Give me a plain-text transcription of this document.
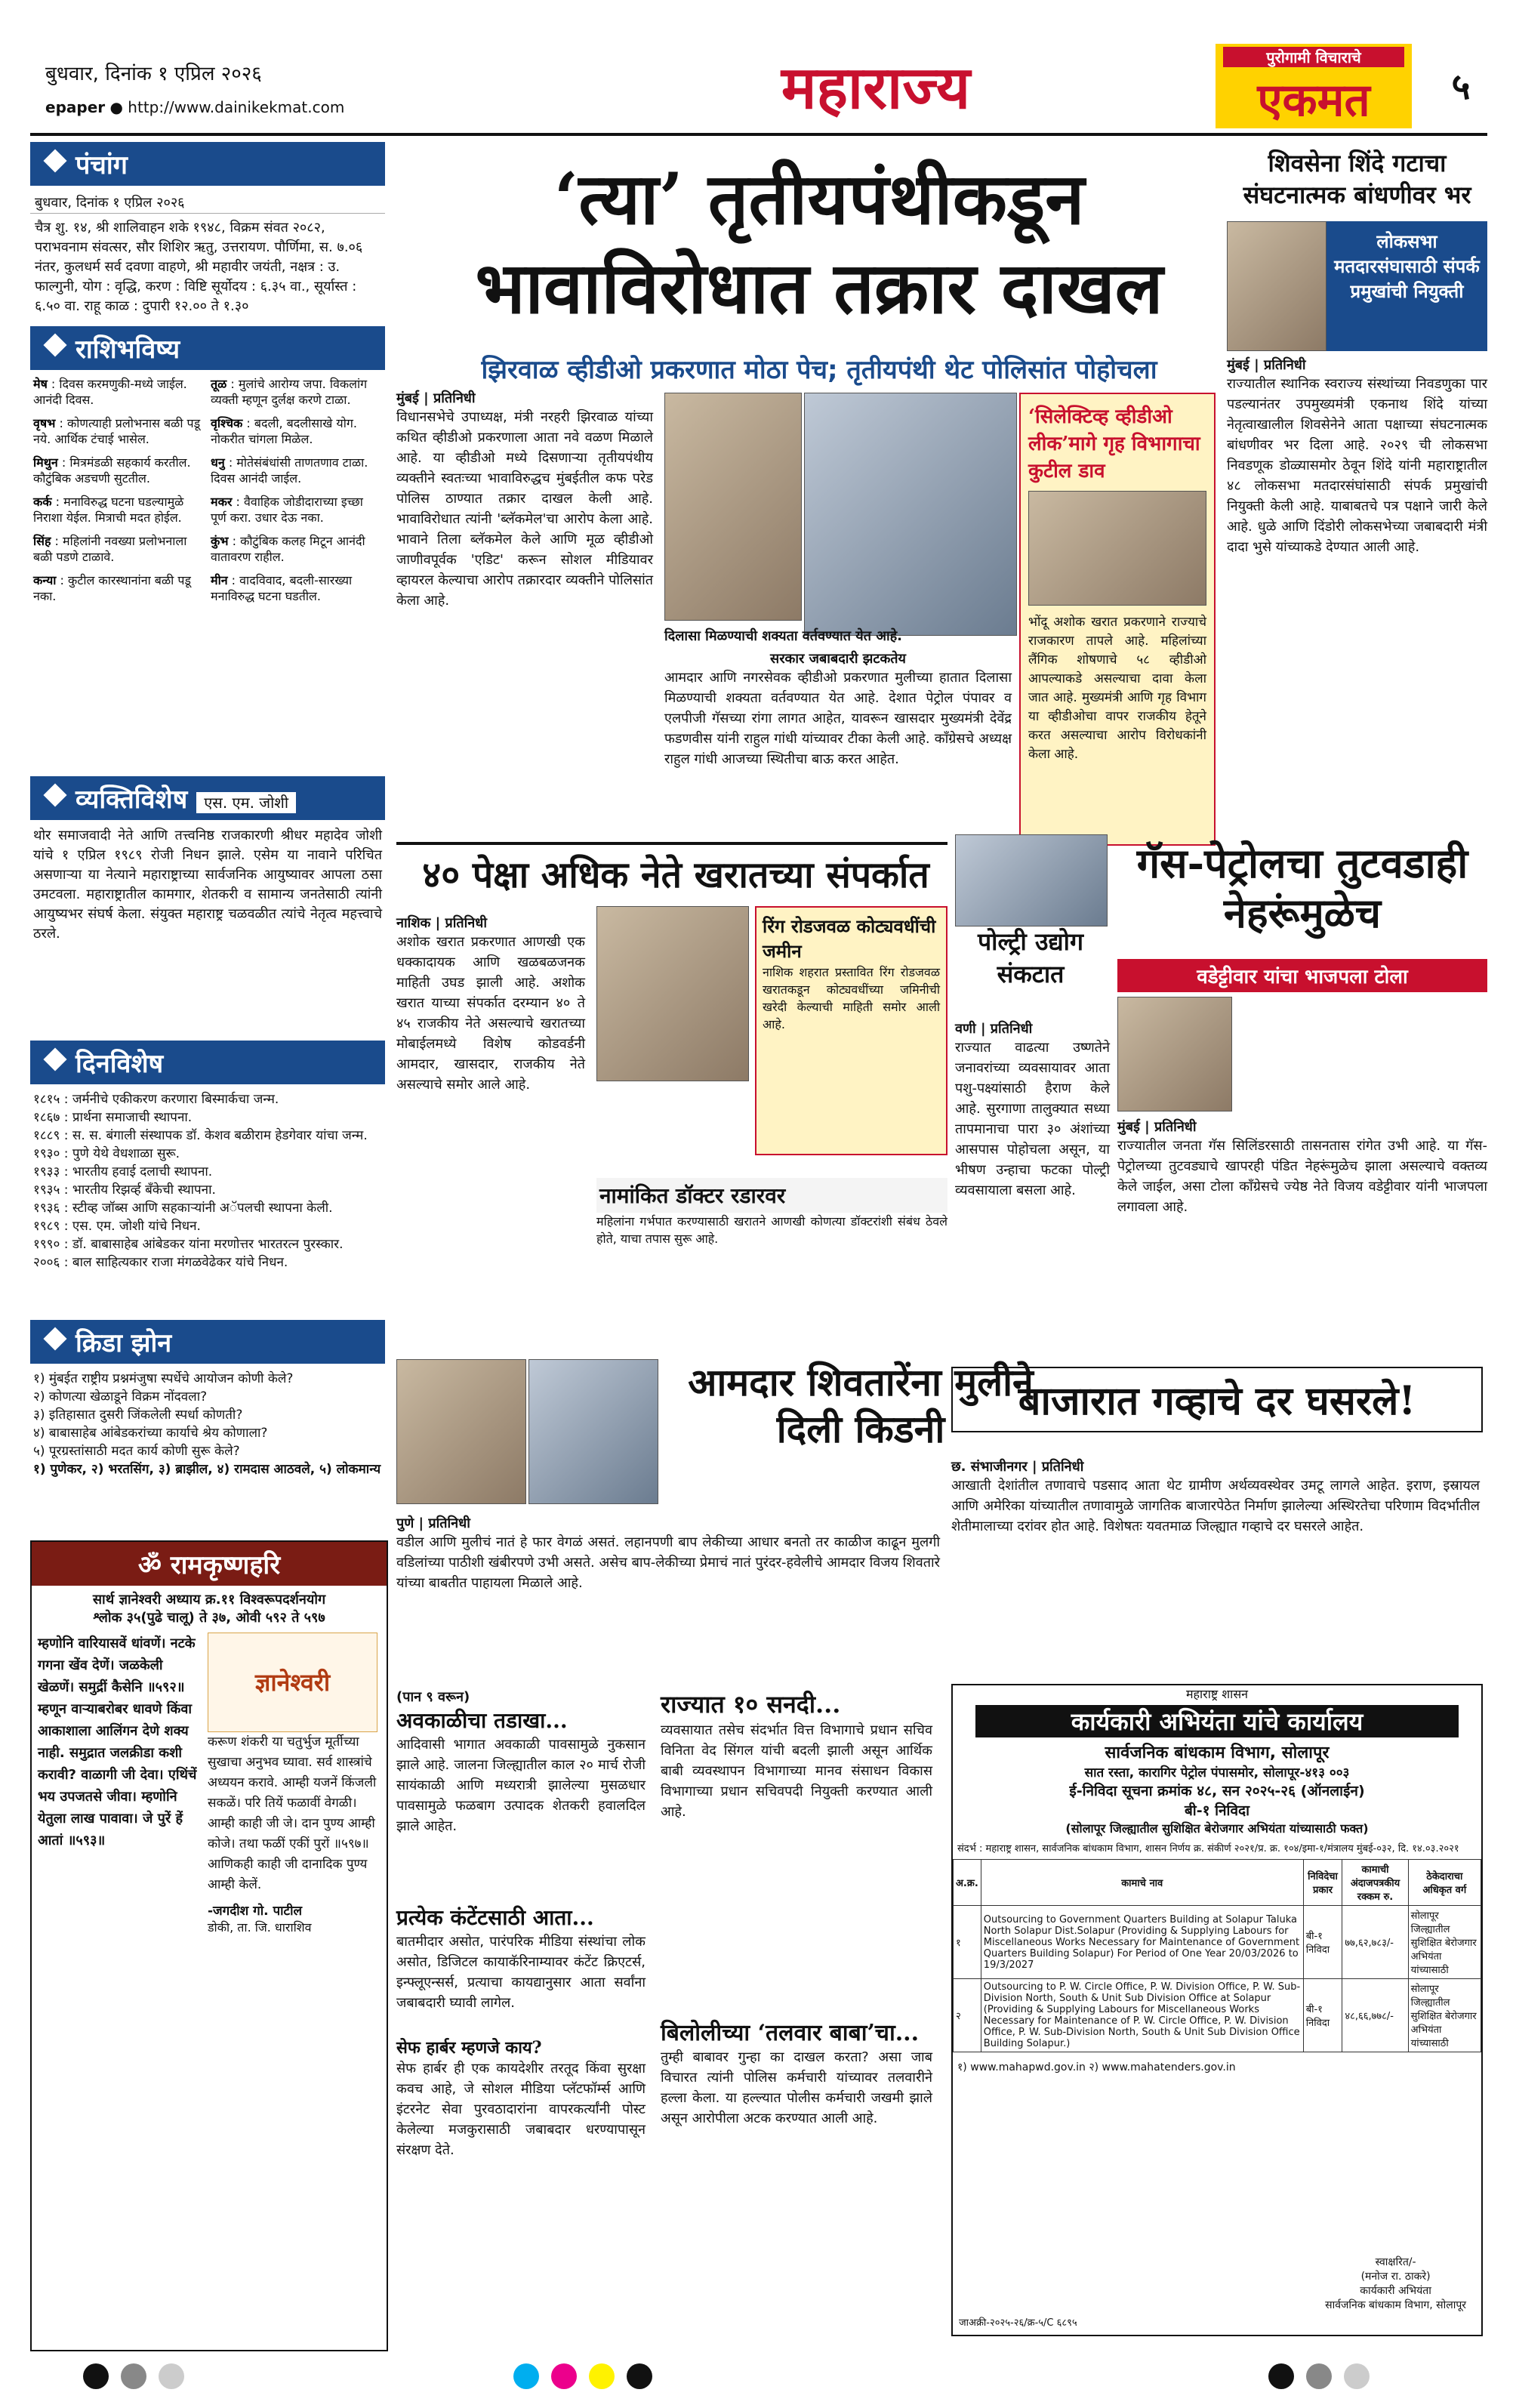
बुधवार, दिनांक १ एप्रिल २०२६
epaper ● http://www.dainikekmat.com	महाराज्य	पुरोगामी विचाराचे
एकमत	५
पंचांग
बुधवार, दिनांक १ एप्रिल २०२६
चैत्र शु. १४, श्री शालिवाहन शके १९४८, विक्रम संवत २०८२, पराभवनाम संवत्सर, सौर शिशिर ऋतु, उत्तरायण. पौर्णिमा, स. ७.०६ नंतर, कुलधर्म सर्व दवणा वाहणे, श्री महावीर जयंती, नक्षत्र : उ. फाल्गुनी, योग : वृद्धि, करण : विष्टि सूर्योदय : ६.३५ वा., सूर्यास्त : ६.५० वा. राहू काळ : दुपारी १२.०० ते १.३०
राशिभविष्य
मेष : दिवस करमणुकी-मध्ये जाईल. आनंदी दिवस.
तूळ : मुलांचे आरोग्य जपा. विकलांग व्यक्ती म्हणून दुर्लक्ष करणे टाळा.
वृषभ : कोणत्याही प्रलोभनास बळी पडू नये. आर्थिक टंचाई भासेल.
वृश्चिक : बदली, बदलीसाखे योग. नोकरीत चांगला मिळेल.
मिथुन : मित्रमंडळी सहकार्य करतील. कौटुंबिक अडचणी सुटतील.
धनु : मोतेसंबंधांसी ताणतणाव टाळा. दिवस आनंदी जाईल.
कर्क : मनाविरुद्ध घटना घडल्यामुळे निराशा येईल. मित्राची मदत होईल.
मकर : वैवाहिक जोडीदाराच्या इच्छा पूर्ण करा. उधार देऊ नका.
सिंह : महिलांनी नवख्या प्रलोभनाला बळी पडणे टाळावे.
कुंभ : कौटुंबिक कलह मिटून आनंदी वातावरण राहील.
कन्या : कुटील कारस्थानांना बळी पडू नका.
मीन : वादविवाद, बदली-सारख्या मनाविरुद्ध घटना घडतील.
व्यक्तिविशेष एस. एम. जोशी
थोर समाजवादी नेते आणि तत्त्वनिष्ठ राजकारणी श्रीधर महादेव जोशी यांचे १ एप्रिल १९८९ रोजी निधन झाले. एसेम या नावाने परिचित असणाऱ्या या नेत्याने महाराष्ट्राच्या सार्वजनिक आयुष्यावर आपला ठसा उमटवला. महाराष्ट्रातील कामगार, शेतकरी व सामान्य जनतेसाठी त्यांनी आयुष्यभर संघर्ष केला. संयुक्त महाराष्ट्र चळवळीत त्यांचे नेतृत्व महत्त्वाचे ठरले.
दिनविशेष
१८१५ : जर्मनीचे एकीकरण करणारा बिस्मार्कचा जन्म.
१८६७ : प्रार्थना समाजाची स्थापना.
१८८९ : स. स. बंगाली संस्थापक डॉ. केशव बळीराम हेडगेवार यांचा जन्म.
१९३० : पुणे येथे वेधशाळा सुरू.
१९३३ : भारतीय हवाई दलाची स्थापना.
१९३५ : भारतीय रिझर्व्ह बँकेची स्थापना.
१९३६ : स्टीव्ह जॉब्स आणि सहकाऱ्यांनी अॅपलची स्थापना केली.
१९८९ : एस. एम. जोशी यांचे निधन.
१९९० : डॉ. बाबासाहेब आंबेडकर यांना मरणोत्तर भारतरत्न पुरस्कार.
२००६ : बाल साहित्यकार राजा मंगळवेढेकर यांचे निधन.
क्रिडा झोन
१) मुंबईत राष्ट्रीय प्रश्नमंजुषा स्पर्धेचे आयोजन कोणी केले?
२) कोणत्या खेळाडूने विक्रम नोंदवला?
३) इतिहासात दुसरी जिंकलेली स्पर्धा कोणती?
४) बाबासाहेब आंबेडकरांच्या कार्याचे श्रेय कोणाला?
५) पूरग्रस्तांसाठी मदत कार्य कोणी सुरू केले?
१) पुणेकर, २) भरतसिंग, ३) ब्राझील, ४) रामदास आठवले, ५) लोकमान्य
ॐ रामकृष्णहरि
सार्थ ज्ञानेश्वरी अध्याय क्र.११ विश्वरूपदर्शनयोग
श्लोक ३५(पुढे चालू) ते ३७, ओवी ५९२ ते ५९७
म्हणोनि वारियासवें धांवणें। नटके गगना खेंव देणें। जळकेली खेळणें। समुद्रीं कैसेनि ॥५९२॥ म्हणून वाऱ्याबरोबर धावणे किंवा आकाशाला आलिंगन देणे शक्य नाही. समुद्रात जलक्रीडा कशी करावी? वाळागी जी देवा। एथिंचें भय उपजतसे जीवा। म्हणोनि येतुला लाख पावावा। जे पुरें हें आतां ॥५९३॥
ज्ञानेश्वरी
करूण शंकरी या चतुर्भुज मूर्तीच्या सुखाचा अनुभव घ्यावा. सर्व शास्त्रांचे अध्ययन करावे. आम्ही यजनें किंजली सकळें। परि तियें फळावीं वेगळी। आम्ही काही जी जे। दान पुण्य आम्ही कोजे। तथा फळीं एकीं पुरों ॥५९७॥ आणिकही काही जी दानादिक पुण्य आम्ही केलें.
-जगदीश गो. पाटील
डोकी, ता. जि. धाराशिव
‘त्या’ तृतीयपंथीकडून भावाविरोधात तक्रार दाखल
झिरवाळ व्हीडीओ प्रकरणात मोठा पेच; तृतीयपंथी थेट पोलिसांत पोहोचला
मुंबई | प्रतिनिधी
विधानसभेचे उपाध्यक्ष, मंत्री नरहरी झिरवाळ यांच्या कथित व्हीडीओ प्रकरणाला आता नवे वळण मिळाले आहे. या व्हीडीओ मध्ये दिसणाऱ्या तृतीयपंथीय व्यक्तीने स्वतःच्या भावाविरुद्धच मुंबईतील कफ परेड पोलिस ठाण्यात तक्रार दाखल केली आहे. भावाविरोधात त्यांनी 'ब्लॅकमेल'चा आरोप केला आहे. भावाने तिला ब्लॅकमेल केले आणि मूळ व्हीडीओ जाणीवपूर्वक 'एडिट' करून सोशल मीडियावर व्हायरल केल्याचा आरोप तक्रारदार व्यक्तीने पोलिसांत केला आहे.
दिलासा मिळण्याची शक्यता वर्तवण्यात येत आहे.
सरकार जबाबदारी झटकतेय
आमदार आणि नगरसेवक व्हीडीओ प्रकरणात मुलीच्या हातात दिलासा मिळण्याची शक्यता वर्तवण्यात येत आहे. देशात पेट्रोल पंपावर व एलपीजी गॅसच्या रांगा लागत आहेत, यावरून खासदार मुख्यमंत्री देवेंद्र फडणवीस यांनी राहुल गांधी यांच्यावर टीका केली आहे. काँग्रेसचे अध्यक्ष राहुल गांधी आजच्या स्थितीचा बाऊ करत आहेत.
‘सिलेक्टिव्ह व्हीडीओ लीक’मागे गृह विभागाचा कुटील डाव
भोंदू अशोक खरात प्रकरणाने राज्याचे राजकारण तापले आहे. महिलांच्या लैंगिक शोषणाचे ५८ व्हीडीओ आपल्याकडे असल्याचा दावा केला जात आहे. मुख्यमंत्री आणि गृह विभाग या व्हीडीओचा वापर राजकीय हेतूने करत असल्याचा आरोप विरोधकांनी केला आहे.
शिवसेना शिंदे गटाचा संघटनात्मक बांधणीवर भर
लोकसभा मतदारसंघासाठी संपर्क प्रमुखांची नियुक्ती
मुंबई | प्रतिनिधी
राज्यातील स्थानिक स्वराज्य संस्थांच्या निवडणुका पार पडल्यानंतर उपमुख्यमंत्री एकनाथ शिंदे यांच्या नेतृत्वाखालील शिवसेनेने आता पक्षाच्या संघटनात्मक बांधणीवर भर दिला आहे. २०२९ ची लोकसभा निवडणूक डोळ्यासमोर ठेवून शिंदे यांनी महाराष्ट्रातील ४८ लोकसभा मतदारसंघांसाठी संपर्क प्रमुखांची नियुक्ती केली आहे. याबाबतचे पत्र पक्षाने जारी केले आहे. धुळे आणि दिंडोरी लोकसभेच्या जबाबदारी मंत्री दादा भुसे यांच्याकडे देण्यात आली आहे.
४० पेक्षा अधिक नेते खरातच्या संपर्कात
नाशिक | प्रतिनिधी
अशोक खरात प्रकरणात आणखी एक धक्कादायक आणि खळबळजनक माहिती उघड झाली आहे. अशोक खरात याच्या संपर्कात दरम्यान ४० ते ४५ राजकीय नेते असल्याचे खरातच्या मोबाईलमध्ये विशेष कोडवर्डनी आमदार, खासदार, राजकीय नेते असल्याचे समोर आले आहे.
रिंग रोडजवळ कोट्यवधींची जमीन
नाशिक शहरात प्रस्तावित रिंग रोडजवळ खरातकडून कोट्यवधींच्या जमिनीची खरेदी केल्याची माहिती समोर आली आहे.
नामांकित डॉक्टर रडारवर
महिलांना गर्भपात करण्यासाठी खरातने आणखी कोणत्या डॉक्टरांशी संबंध ठेवले होते, याचा तपास सुरू आहे.
पोल्ट्री उद्योग संकटात
वणी | प्रतिनिधी
राज्यात वाढत्या उष्णतेने जनावरांच्या व्यवसायावर आता पशु-पक्ष्यांसाठी हैराण केले आहे. सुरगाणा तालुक्यात सध्या तापमानाचा पारा ३० अंशांच्या आसपास पोहोचला असून, या भीषण उन्हाचा फटका पोल्ट्री व्यवसायाला बसला आहे.
गॅस-पेट्रोलचा तुटवडाही नेहरूंमुळेच
वडेट्टीवार यांचा भाजपला टोला
मुंबई | प्रतिनिधी
राज्यातील जनता गॅस सिलिंडरसाठी तासनतास रांगेत उभी आहे. या गॅस-पेट्रोलच्या तुटवड्याचे खापरही पंडित नेहरूंमुळेच झाला असल्याचे वक्तव्य केले जाईल, असा टोला काँग्रेसचे ज्येष्ठ नेते विजय वडेट्टीवार यांनी भाजपला लगावला आहे.
आमदार शिवतारेंना मुलीने दिली किडनी
पुणे | प्रतिनिधी
वडील आणि मुलीचं नातं हे फार वेगळं असतं. लहानपणी बाप लेकीच्या आधार बनतो तर काळीज काढून मुलगी वडिलांच्या पाठीशी खंबीरपणे उभी असते. असेच बाप-लेकीच्या प्रेमाचं नातं पुरंदर-हवेलीचे आमदार विजय शिवतारे यांच्या बाबतीत पाहायला मिळाले आहे.
बाजारात गव्हाचे दर घसरले!
छ. संभाजीनगर | प्रतिनिधी
आखाती देशांतील तणावाचे पडसाद आता थेट ग्रामीण अर्थव्यवस्थेवर उमटू लागले आहेत. इराण, इस्रायल आणि अमेरिका यांच्यातील तणावामुळे जागतिक बाजारपेठेत निर्माण झालेल्या अस्थिरतेचा परिणाम विदर्भातील शेतीमालाच्या दरांवर होत आहे. विशेषतः यवतमाळ जिल्ह्यात गव्हाचे दर घसरले आहेत.
(पान ९ वरून)
अवकाळीचा तडाखा...
आदिवासी भागात अवकाळी पावसामुळे नुकसान झाले आहे. जालना जिल्ह्यातील काल २० मार्च रोजी सायंकाळी आणि मध्यरात्री झालेल्या मुसळधार पावसामुळे फळबाग उत्पादक शेतकरी हवालदिल झाले आहेत.
प्रत्येक कंटेंटसाठी आता...
बातमीदार असोत, पारंपरिक मीडिया संस्थांचा लोक असोत, डिजिटल कायाकॅरिनाम्यावर कंटेंट क्रिएटर्स, इन्फ्लूएन्सर्स, प्रत्याचा कायद्यानुसार आता सर्वांना जबाबदारी घ्यावी लागेल.
सेफ हार्बर म्हणजे काय?
सेफ हार्बर ही एक कायदेशीर तरतूद किंवा सुरक्षा कवच आहे, जे सोशल मीडिया प्लॅटफॉर्म्स आणि इंटरनेट सेवा पुरवठादारांना वापरकर्त्यांनी पोस्ट केलेल्या मजकुरासाठी जबाबदार धरण्यापासून संरक्षण देते.
राज्यात १० सनदी...
व्यवसायात तसेच संदर्भात वित्त विभागाचे प्रधान सचिव विनिता वेद सिंगल यांची बदली झाली असून आर्थिक बाबी व्यवस्थापन विभागाच्या मानव संसाधन विकास विभागाच्या प्रधान सचिवपदी नियुक्ती करण्यात आली आहे.
बिलोलीच्या ‘तलवार बाबा’चा...
तुम्ही बाबावर गुन्हा का दाखल करता? असा जाब विचारत त्यांनी पोलिस कर्मचारी यांच्यावर तलवारीने हल्ला केला. या हल्ल्यात पोलीस कर्मचारी जखमी झाले असून आरोपीला अटक करण्यात आली आहे.
महाराष्ट्र शासन
कार्यकारी अभियंता यांचे कार्यालय
सार्वजनिक बांधकाम विभाग, सोलापूर
सात रस्ता, कारागिर पेट्रोल पंपासमोर, सोलापूर-४१३ ००३
ई-निविदा सूचना क्रमांक ४८, सन २०२५-२६ (ऑनलाईन)
बी-१ निविदा
(सोलापूर जिल्ह्यातील सुशिक्षित बेरोजगार अभियंता यांच्यासाठी फक्त)
संदर्भ : महाराष्ट्र शासन, सार्वजनिक बांधकाम विभाग, शासन निर्णय क्र. संकीर्ण २०२१/प्र. क्र. १०४/इमा-१/मंत्रालय मुंबई-०३२, दि. १४.०३.२०२१
अ.क्र.	कामाचे नाव	निविदेचा प्रकार	कामाची अंदाजपत्रकीय रक्कम रु.	ठेकेदाराचा अधिकृत वर्ग
१	Outsourcing to Government Quarters Building at Solapur Taluka North Solapur Dist.Solapur (Providing & Supplying Labours for Miscellaneous Works Necessary for Maintenance of Government Quarters Building Solapur) For Period of One Year 20/03/2026 to 19/3/2027	बी-१ निविदा	७७,६२,७८३/-	सोलापूर जिल्ह्यातील सुशिक्षित बेरोजगार अभियंता यांच्यासाठी
२	Outsourcing to P. W. Circle Office, P. W. Division Office, P. W. Sub-Division North, South & Unit Sub Division Office at Solapur (Providing & Supplying Labours for Miscellaneous Works Necessary for Maintenance of P. W. Circle Office, P. W. Division Office, P. W. Sub-Division North, South & Unit Sub Division Office Building Solapur.)	बी-१ निविदा	४८,६६,७७८/-	सोलापूर जिल्ह्यातील सुशिक्षित बेरोजगार अभियंता यांच्यासाठी
१) www.mahapwd.gov.in २) www.mahatenders.gov.in
स्वाक्षरित/-
(मनोज रा. ठाकरे)
कार्यकारी अभियंता
सार्वजनिक बांधकाम विभाग, सोलापूर
जाअक्री-२०२५-२६/क्र-५/C ६८९५
